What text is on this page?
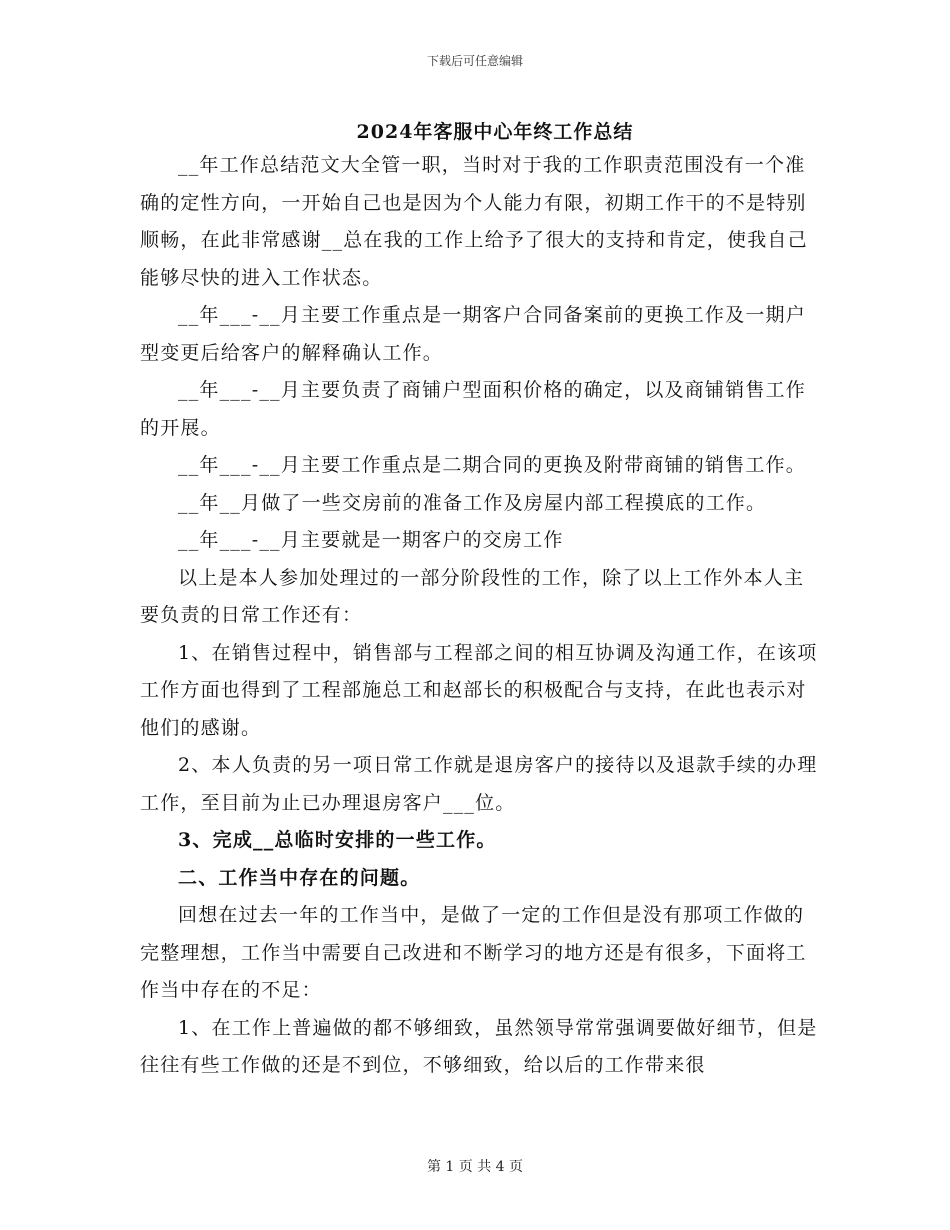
下载后可任意编辑
2024年客服中心年终工作总结

__年工作总结范文大全管一职，当时对于我的工作职责范围没有一个准确的定性方向，一开始自己也是因为个人能力有限，初期工作干的不是特别顺畅，在此非常感谢__总在我的工作上给予了很大的支持和肯定，使我自己能够尽快的进入工作状态。

__年___-__月主要工作重点是一期客户合同备案前的更换工作及一期户型变更后给客户的解释确认工作。

__年___-__月主要负责了商铺户型面积价格的确定，以及商铺销售工作的开展。

__年___-__月主要工作重点是二期合同的更换及附带商铺的销售工作。

__年__月做了一些交房前的准备工作及房屋内部工程摸底的工作。

__年___-__月主要就是一期客户的交房工作

以上是本人参加处理过的一部分阶段性的工作，除了以上工作外本人主要负责的日常工作还有：

1、在销售过程中，销售部与工程部之间的相互协调及沟通工作，在该项工作方面也得到了工程部施总工和赵部长的积极配合与支持，在此也表示对他们的感谢。

2、本人负责的另一项日常工作就是退房客户的接待以及退款手续的办理工作，至目前为止已办理退房客户___位。

3、完成__总临时安排的一些工作。

二、工作当中存在的问题。

回想在过去一年的工作当中，是做了一定的工作但是没有那项工作做的完整理想，工作当中需要自己改进和不断学习的地方还是有很多，下面将工作当中存在的不足：

1、在工作上普遍做的都不够细致，虽然领导常常强调要做好细节，但是往往有些工作做的还是不到位，不够细致，给以后的工作带来很

第 1 页 共 4 页
